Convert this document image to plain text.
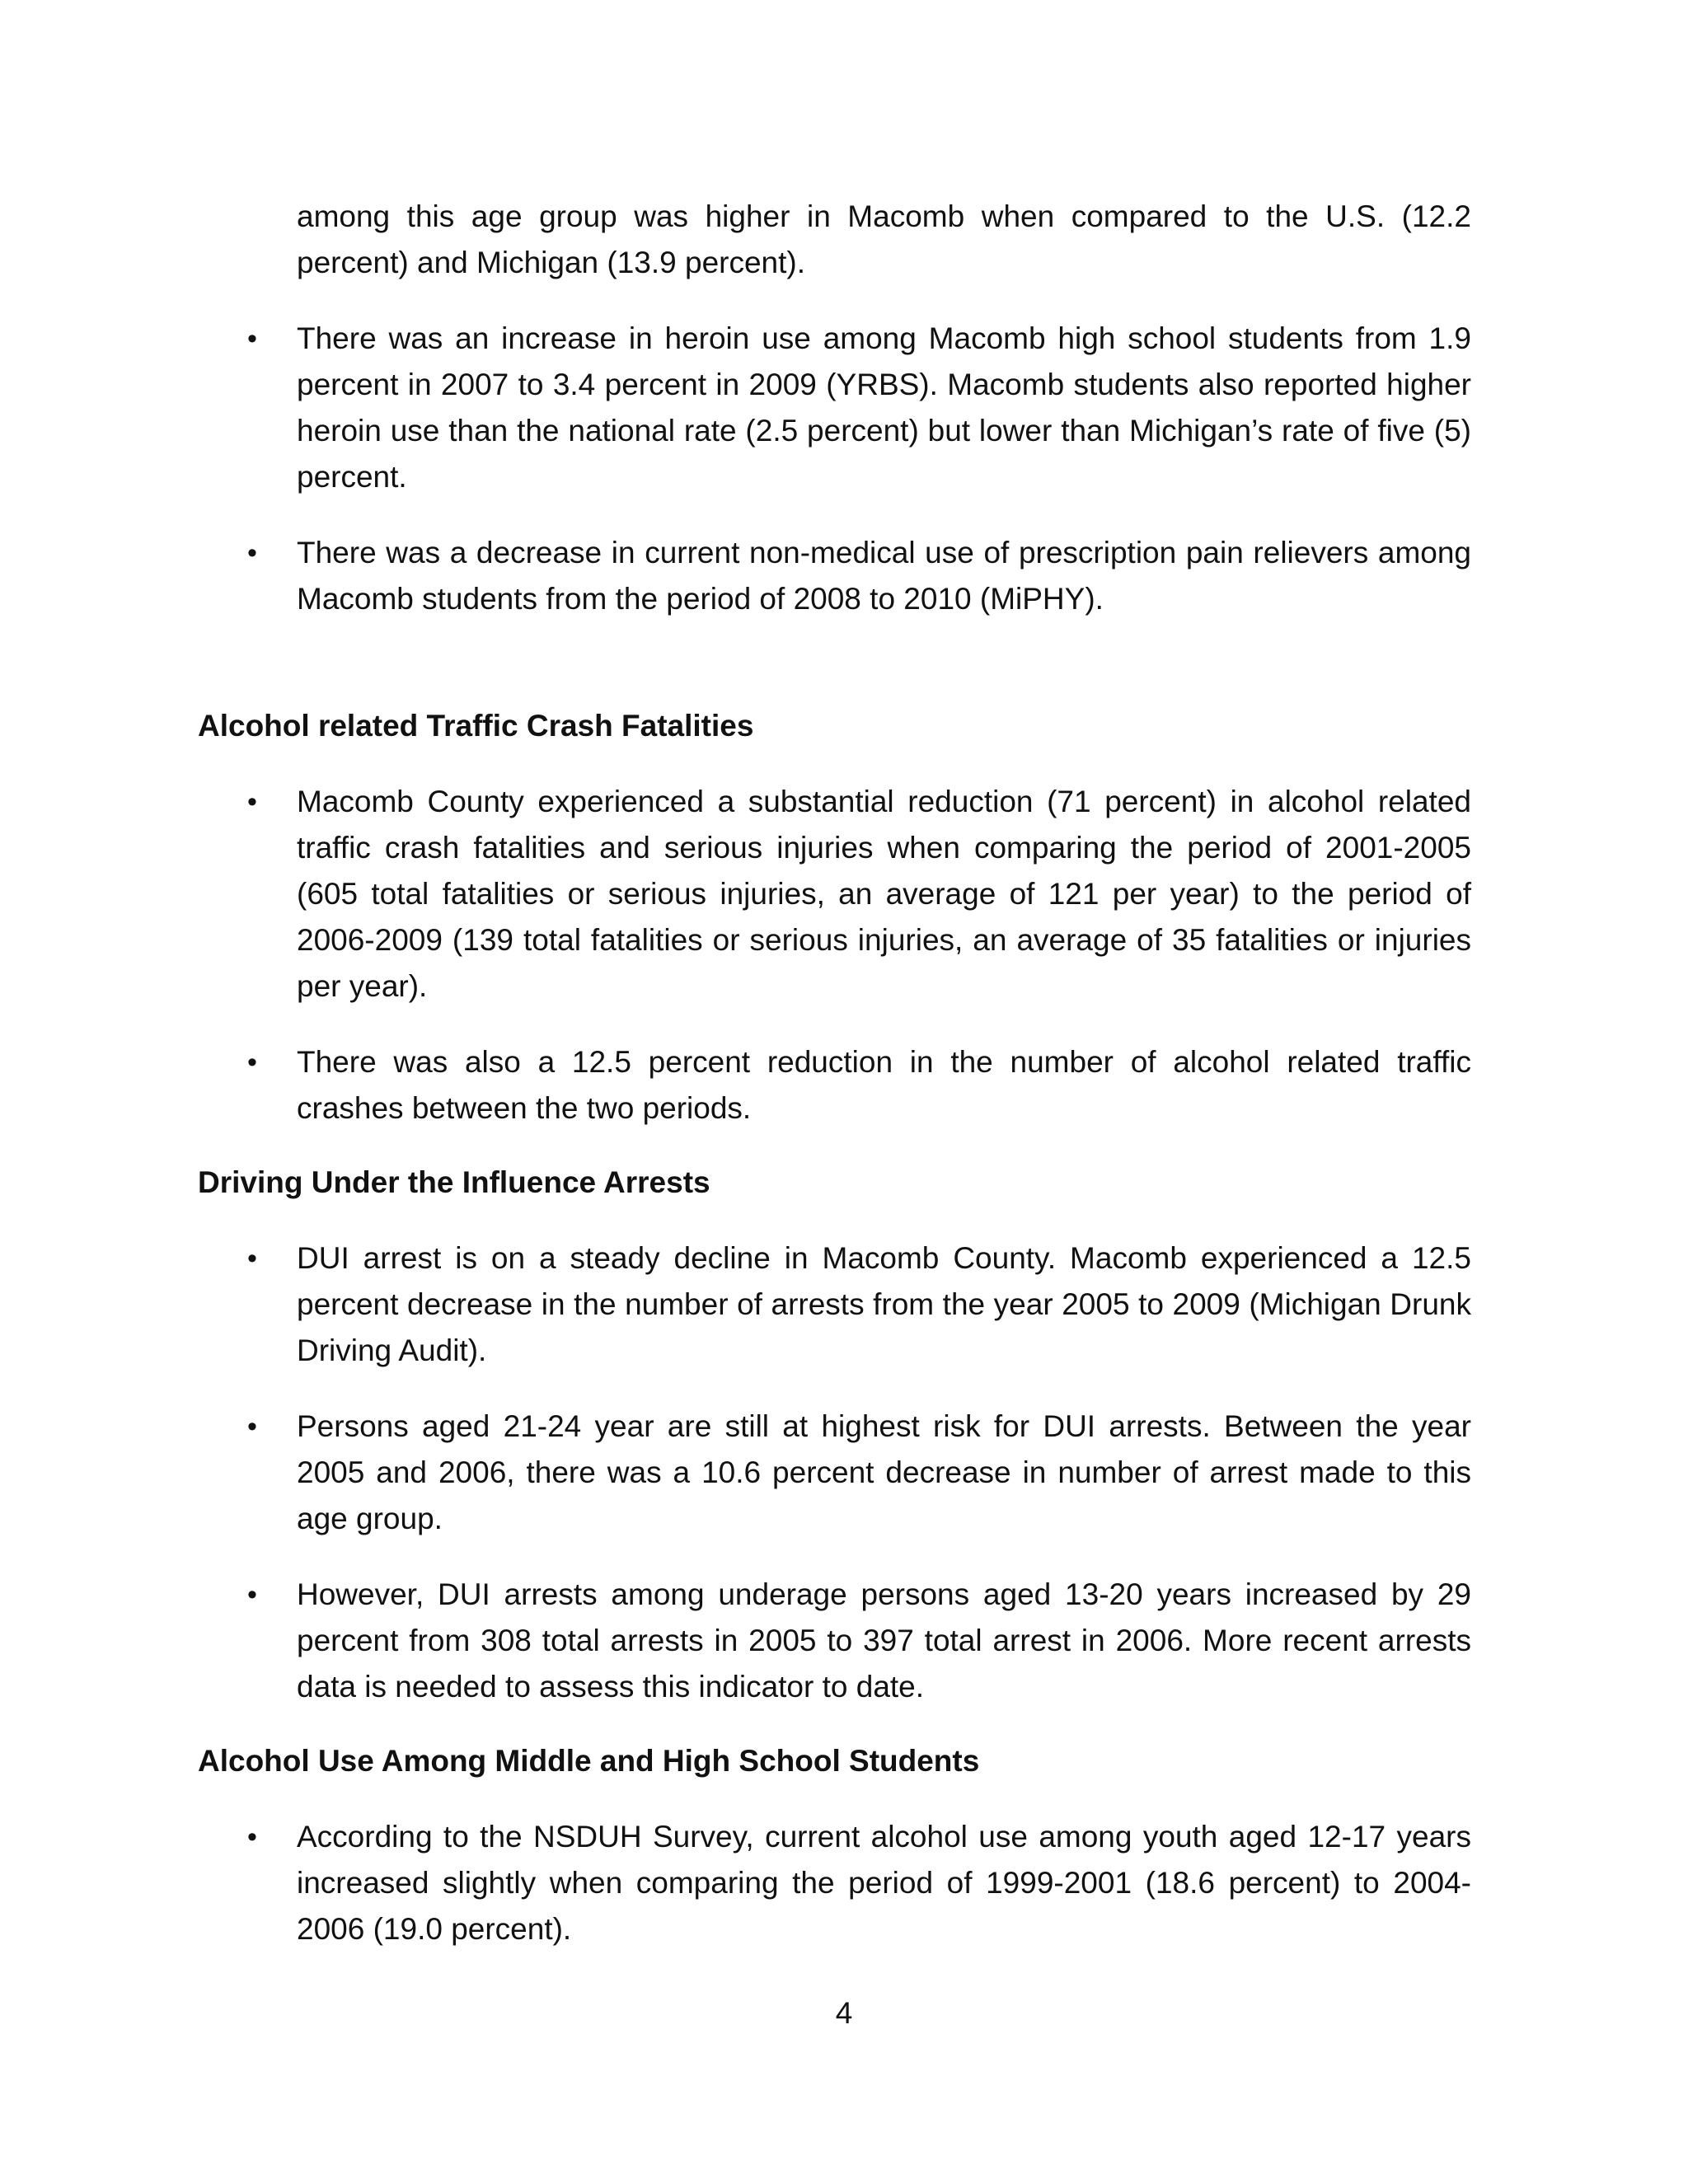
among this age group was higher in Macomb when compared to the U.S. (12.2 percent) and Michigan (13.9 percent).

•	There was an increase in heroin use among Macomb high school students from 1.9 percent in 2007 to 3.4 percent in 2009 (YRBS). Macomb students also reported higher heroin use than the national rate (2.5 percent) but lower than Michigan’s rate of five (5) percent.
•	There was a decrease in current non-medical use of prescription pain relievers among Macomb students from the period of 2008 to 2010 (MiPHY).

Alcohol related Traffic Crash Fatalities

•	Macomb County experienced a substantial reduction (71 percent) in alcohol related traffic crash fatalities and serious injuries when comparing the period of 2001-2005 (605 total fatalities or serious injuries, an average of 121 per year) to the period of 2006-2009 (139 total fatalities or serious injuries, an average of 35 fatalities or injuries per year).
•	There was also a 12.5 percent reduction in the number of alcohol related traffic crashes between the two periods.

Driving Under the Influence Arrests

•	DUI arrest is on a steady decline in Macomb County. Macomb experienced a 12.5 percent decrease in the number of arrests from the year 2005 to 2009 (Michigan Drunk Driving Audit).
•	Persons aged 21-24 year are still at highest risk for DUI arrests. Between the year 2005 and 2006, there was a 10.6 percent decrease in number of arrest made to this age group.
•	However, DUI arrests among underage persons aged 13-20 years increased by 29 percent from 308 total arrests in 2005 to 397 total arrest in 2006. More recent arrests data is needed to assess this indicator to date.

Alcohol Use Among Middle and High School Students

•	According to the NSDUH Survey, current alcohol use among youth aged 12-17 years increased slightly when comparing the period of 1999-2001 (18.6 percent) to 2004-2006 (19.0 percent).
4
